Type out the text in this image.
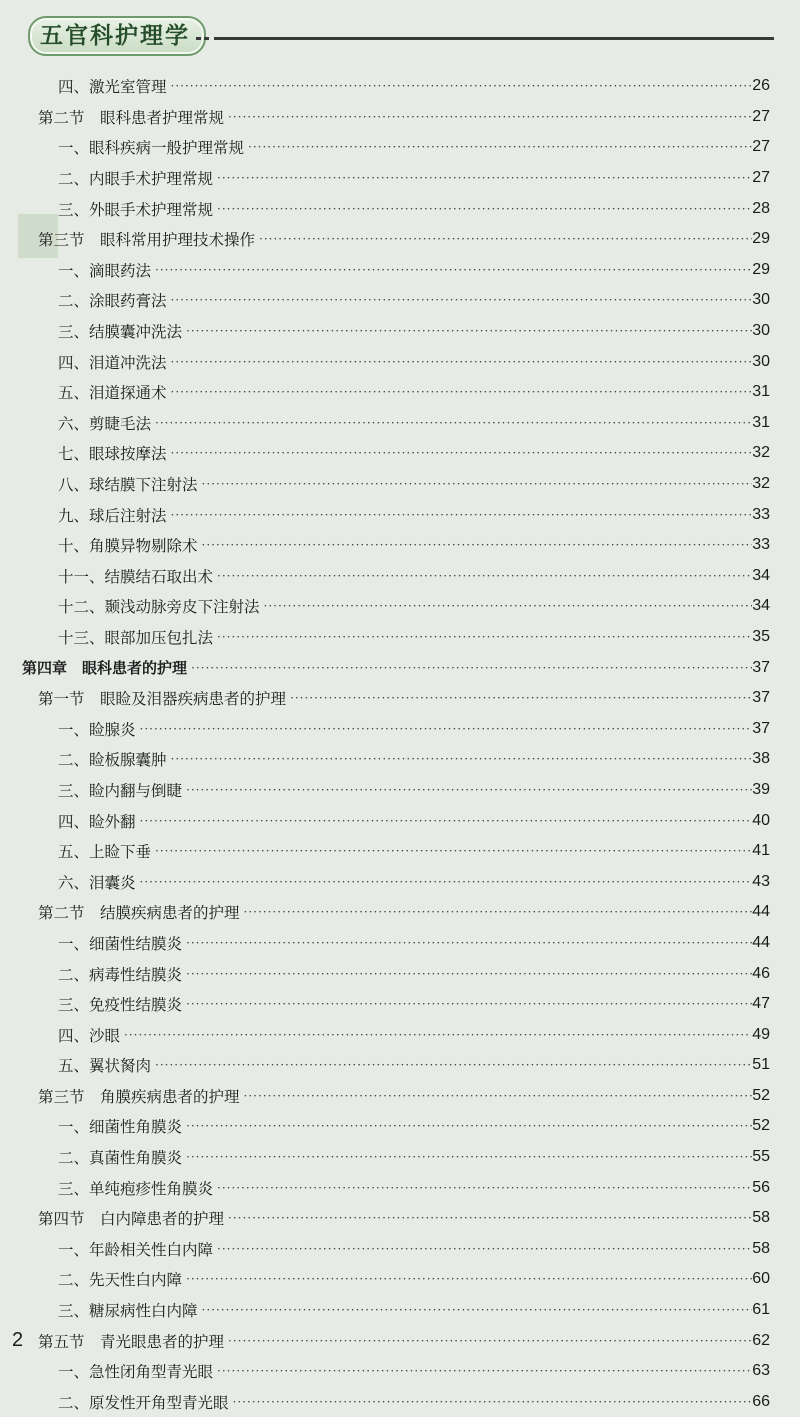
五官科护理学
四、激光室管理 ·····	26
第二节　眼科患者护理常规 ·····	27
一、眼科疾病一般护理常规 ·····	27
二、内眼手术护理常规 ·····	27
三、外眼手术护理常规 ·····	28
第三节　眼科常用护理技术操作 ·····	29
一、滴眼药法 ·····	29
二、涂眼药膏法 ·····	30
三、结膜囊冲洗法 ·····	30
四、泪道冲洗法 ·····	30
五、泪道探通术 ·····	31
六、剪睫毛法 ·····	31
七、眼球按摩法 ·····	32
八、球结膜下注射法 ·····	32
九、球后注射法 ·····	33
十、角膜异物剔除术 ·····	33
十一、结膜结石取出术 ·····	34
十二、颞浅动脉旁皮下注射法 ·····	34
十三、眼部加压包扎法 ·····	35
第四章　眼科患者的护理 ·····	37
第一节　眼睑及泪器疾病患者的护理 ·····	37
一、睑腺炎 ·····	37
二、睑板腺囊肿 ·····	38
三、睑内翻与倒睫 ·····	39
四、睑外翻 ·····	40
五、上睑下垂 ·····	41
六、泪囊炎 ·····	43
第二节　结膜疾病患者的护理 ·····	44
一、细菌性结膜炎 ·····	44
二、病毒性结膜炎 ·····	46
三、免疫性结膜炎 ·····	47
四、沙眼 ·····	49
五、翼状胬肉 ·····	51
第三节　角膜疾病患者的护理 ·····	52
一、细菌性角膜炎 ·····	52
二、真菌性角膜炎 ·····	55
三、单纯疱疹性角膜炎 ·····	56
第四节　白内障患者的护理 ·····	58
一、年龄相关性白内障 ·····	58
二、先天性白内障 ·····	60
三、糖尿病性白内障 ·····	61
第五节　青光眼患者的护理 ·····	62
一、急性闭角型青光眼 ·····	63
二、原发性开角型青光眼 ·····	66
2
